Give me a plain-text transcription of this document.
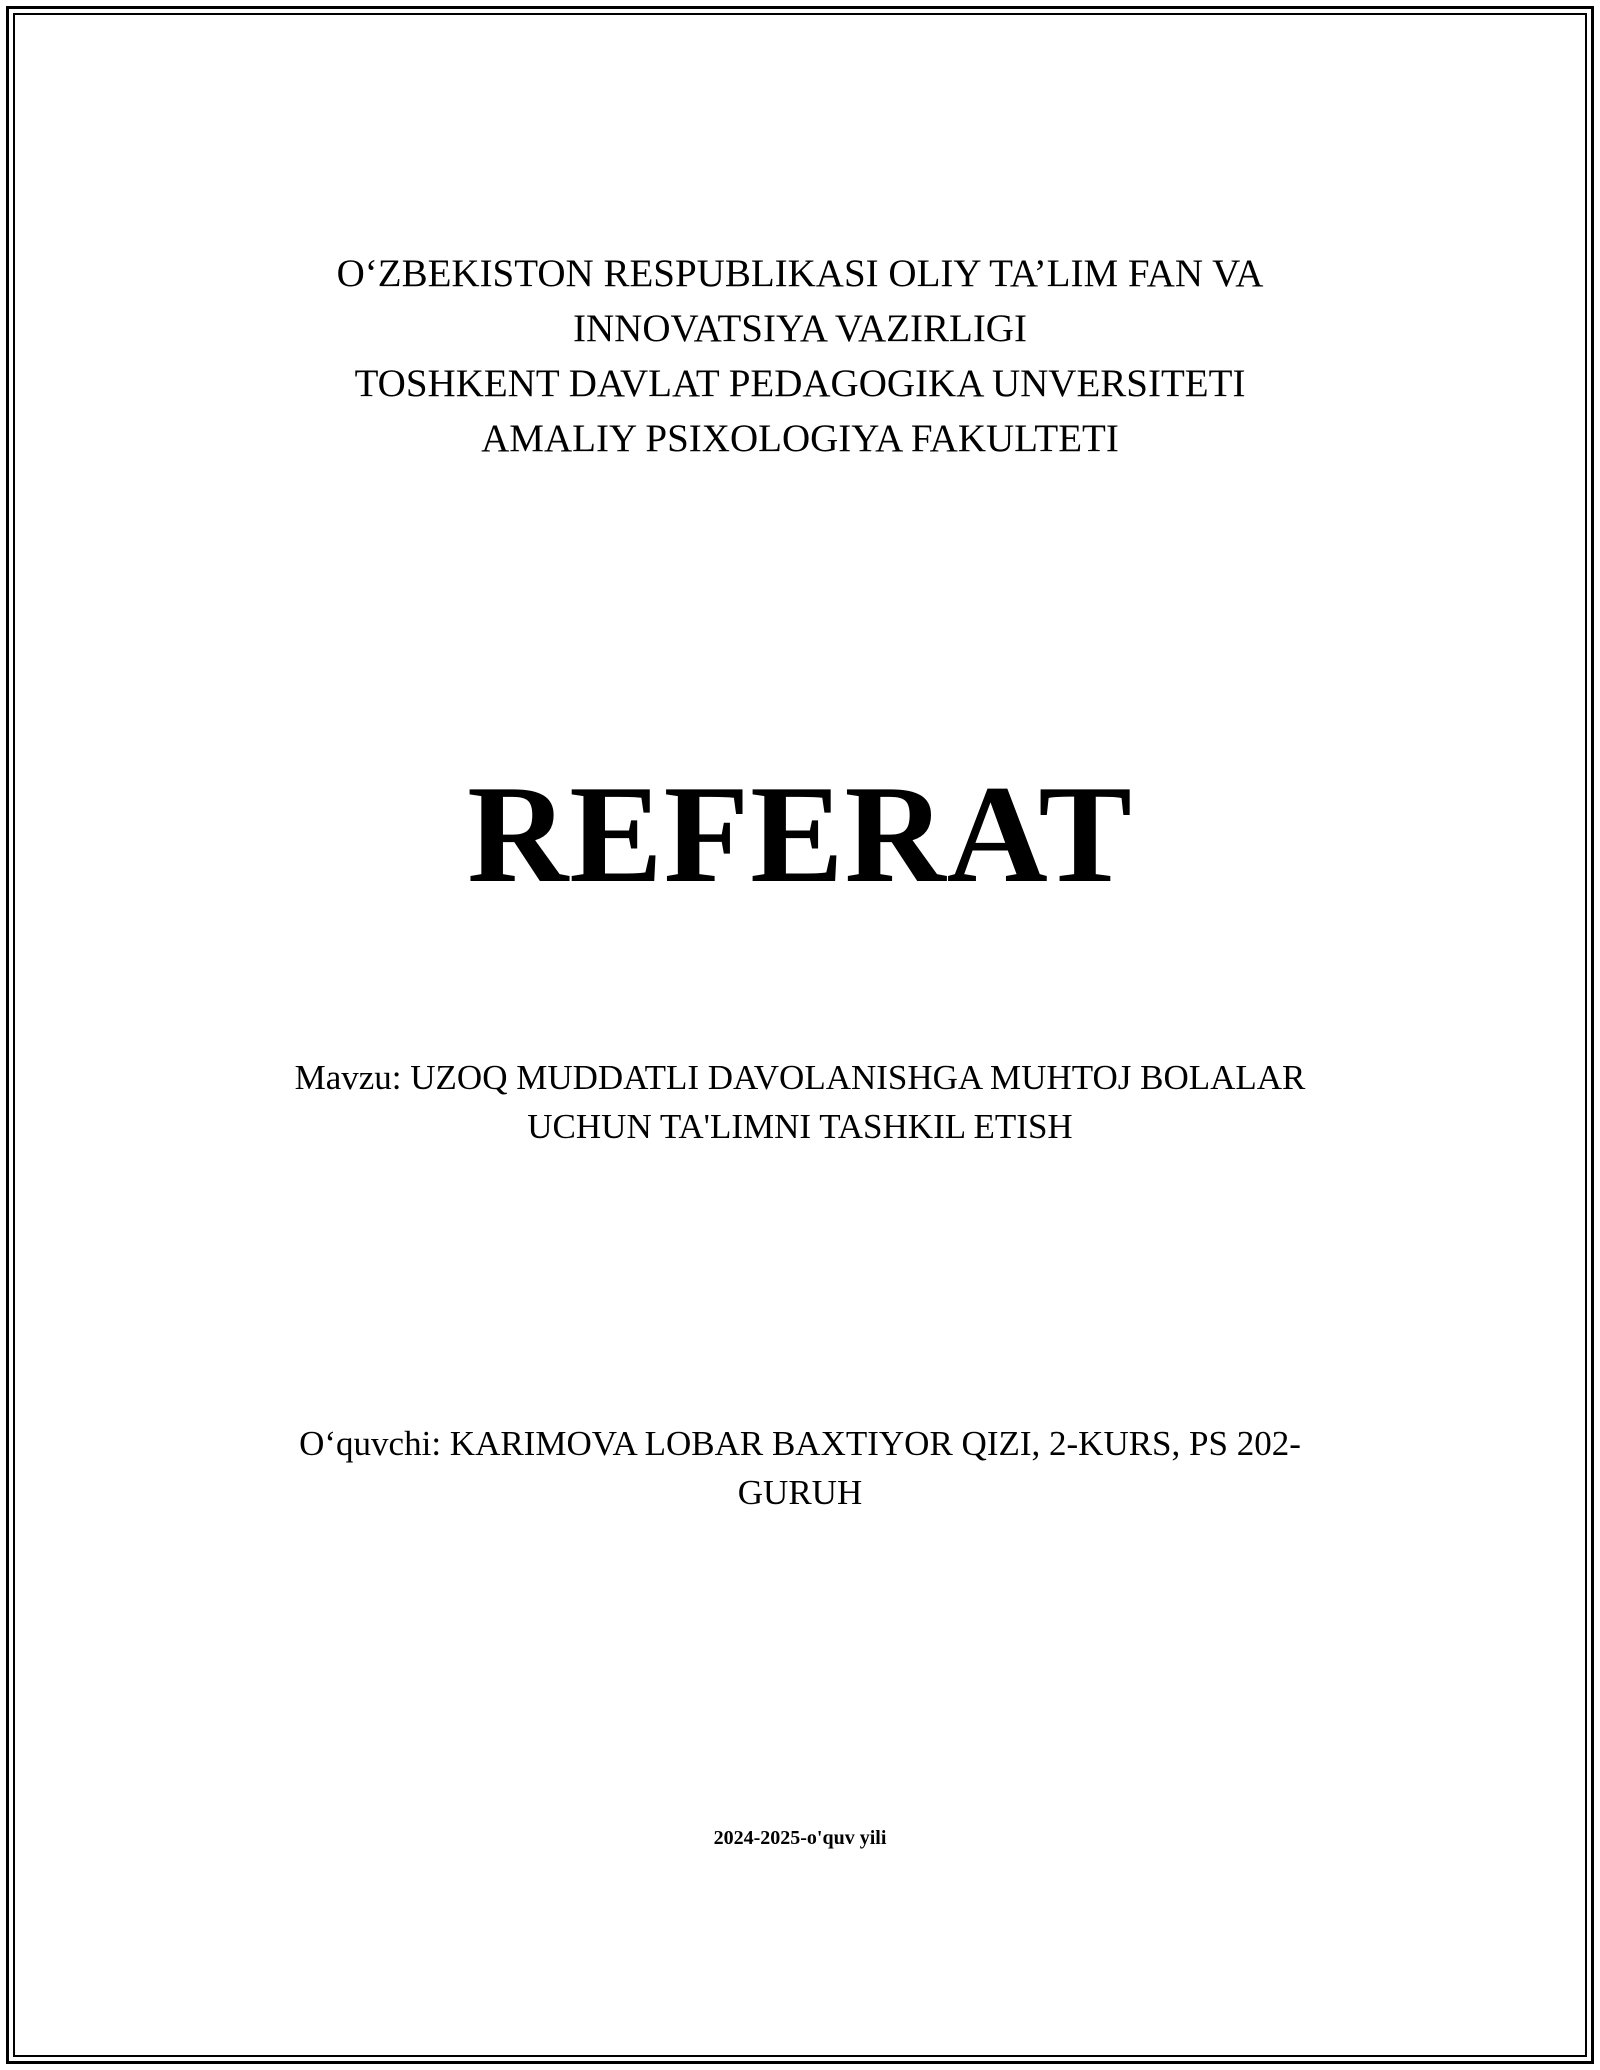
O‘ZBEKISTON RESPUBLIKASI OLIY TA’LIM FAN VA
INNOVATSIYA VAZIRLIGI
TOSHKENT DAVLAT PEDAGOGIKA UNVERSITETI
AMALIY PSIXOLOGIYA FAKULTETI
REFERAT
Mavzu: UZOQ MUDDATLI DAVOLANISHGA MUHTOJ BOLALAR
UCHUN TA'LIMNI TASHKIL ETISH
O‘quvchi: KARIMOVA LOBAR BAXTIYOR QIZI, 2-KURS, PS 202-
GURUH
2024-2025-o'quv yili
